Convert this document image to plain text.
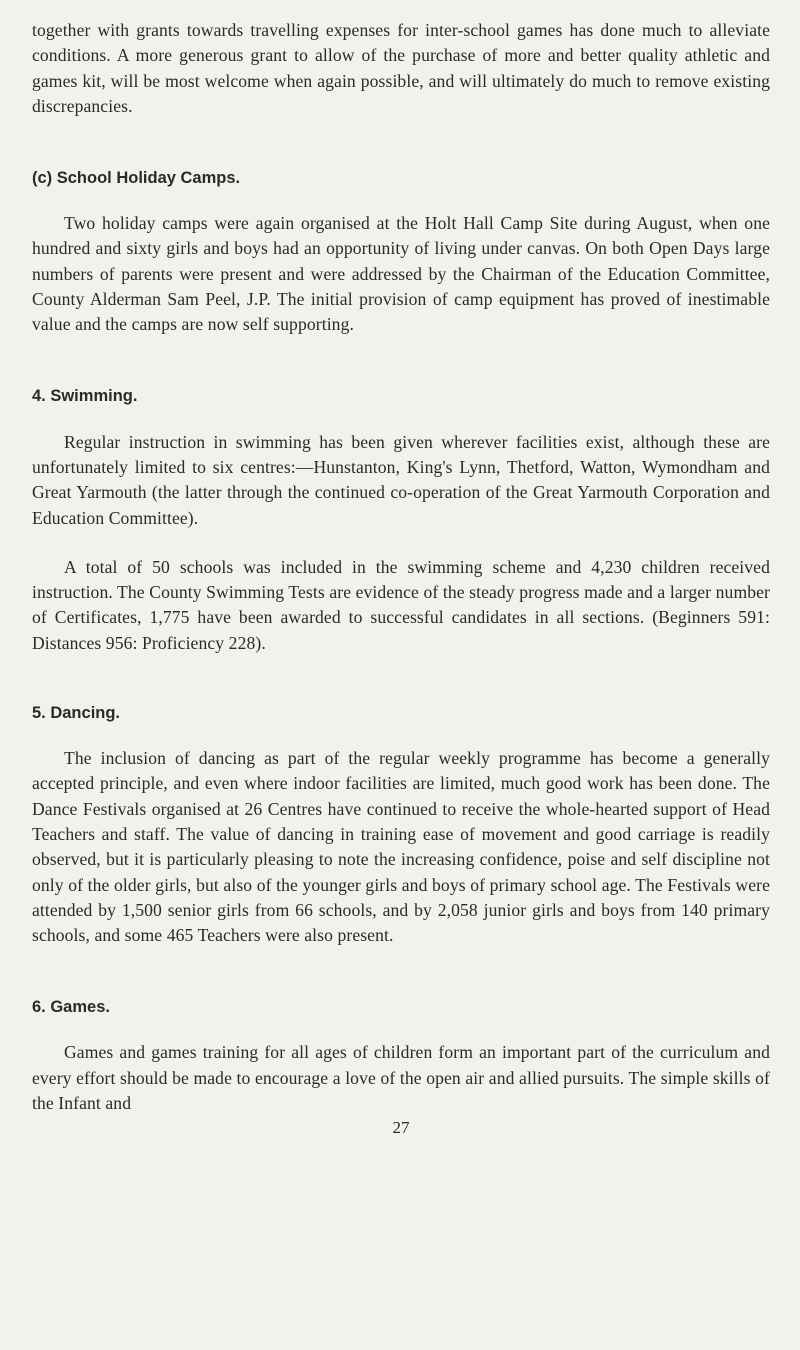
together with grants towards travelling expenses for inter-school games has done much to alleviate conditions. A more generous grant to allow of the purchase of more and better quality athletic and games kit, will be most welcome when again possible, and will ultimately do much to remove existing discrepancies.

(c) School Holiday Camps.

Two holiday camps were again organised at the Holt Hall Camp Site during August, when one hundred and sixty girls and boys had an opportunity of living under canvas. On both Open Days large numbers of parents were present and were addressed by the Chairman of the Education Committee, County Alderman Sam Peel, J.P. The initial provision of camp equipment has proved of inestimable value and the camps are now self supporting.

4. Swimming.

Regular instruction in swimming has been given wherever facilities exist, although these are unfortunately limited to six centres:—Hunstanton, King's Lynn, Thetford, Watton, Wymondham and Great Yarmouth (the latter through the continued co-operation of the Great Yarmouth Corporation and Education Committee).

A total of 50 schools was included in the swimming scheme and 4,230 children received instruction. The County Swimming Tests are evidence of the steady progress made and a larger number of Certificates, 1,775 have been awarded to successful candidates in all sections. (Beginners 591: Distances 956: Proficiency 228).

5. Dancing.

The inclusion of dancing as part of the regular weekly programme has become a generally accepted principle, and even where indoor facilities are limited, much good work has been done. The Dance Festivals organised at 26 Centres have continued to receive the whole-hearted support of Head Teachers and staff. The value of dancing in training ease of movement and good carriage is readily observed, but it is particularly pleasing to note the increasing confidence, poise and self discipline not only of the older girls, but also of the younger girls and boys of primary school age. The Festivals were attended by 1,500 senior girls from 66 schools, and by 2,058 junior girls and boys from 140 primary schools, and some 465 Teachers were also present.

6. Games.

Games and games training for all ages of children form an important part of the curriculum and every effort should be made to encourage a love of the open air and allied pursuits. The simple skills of the Infant and

27
